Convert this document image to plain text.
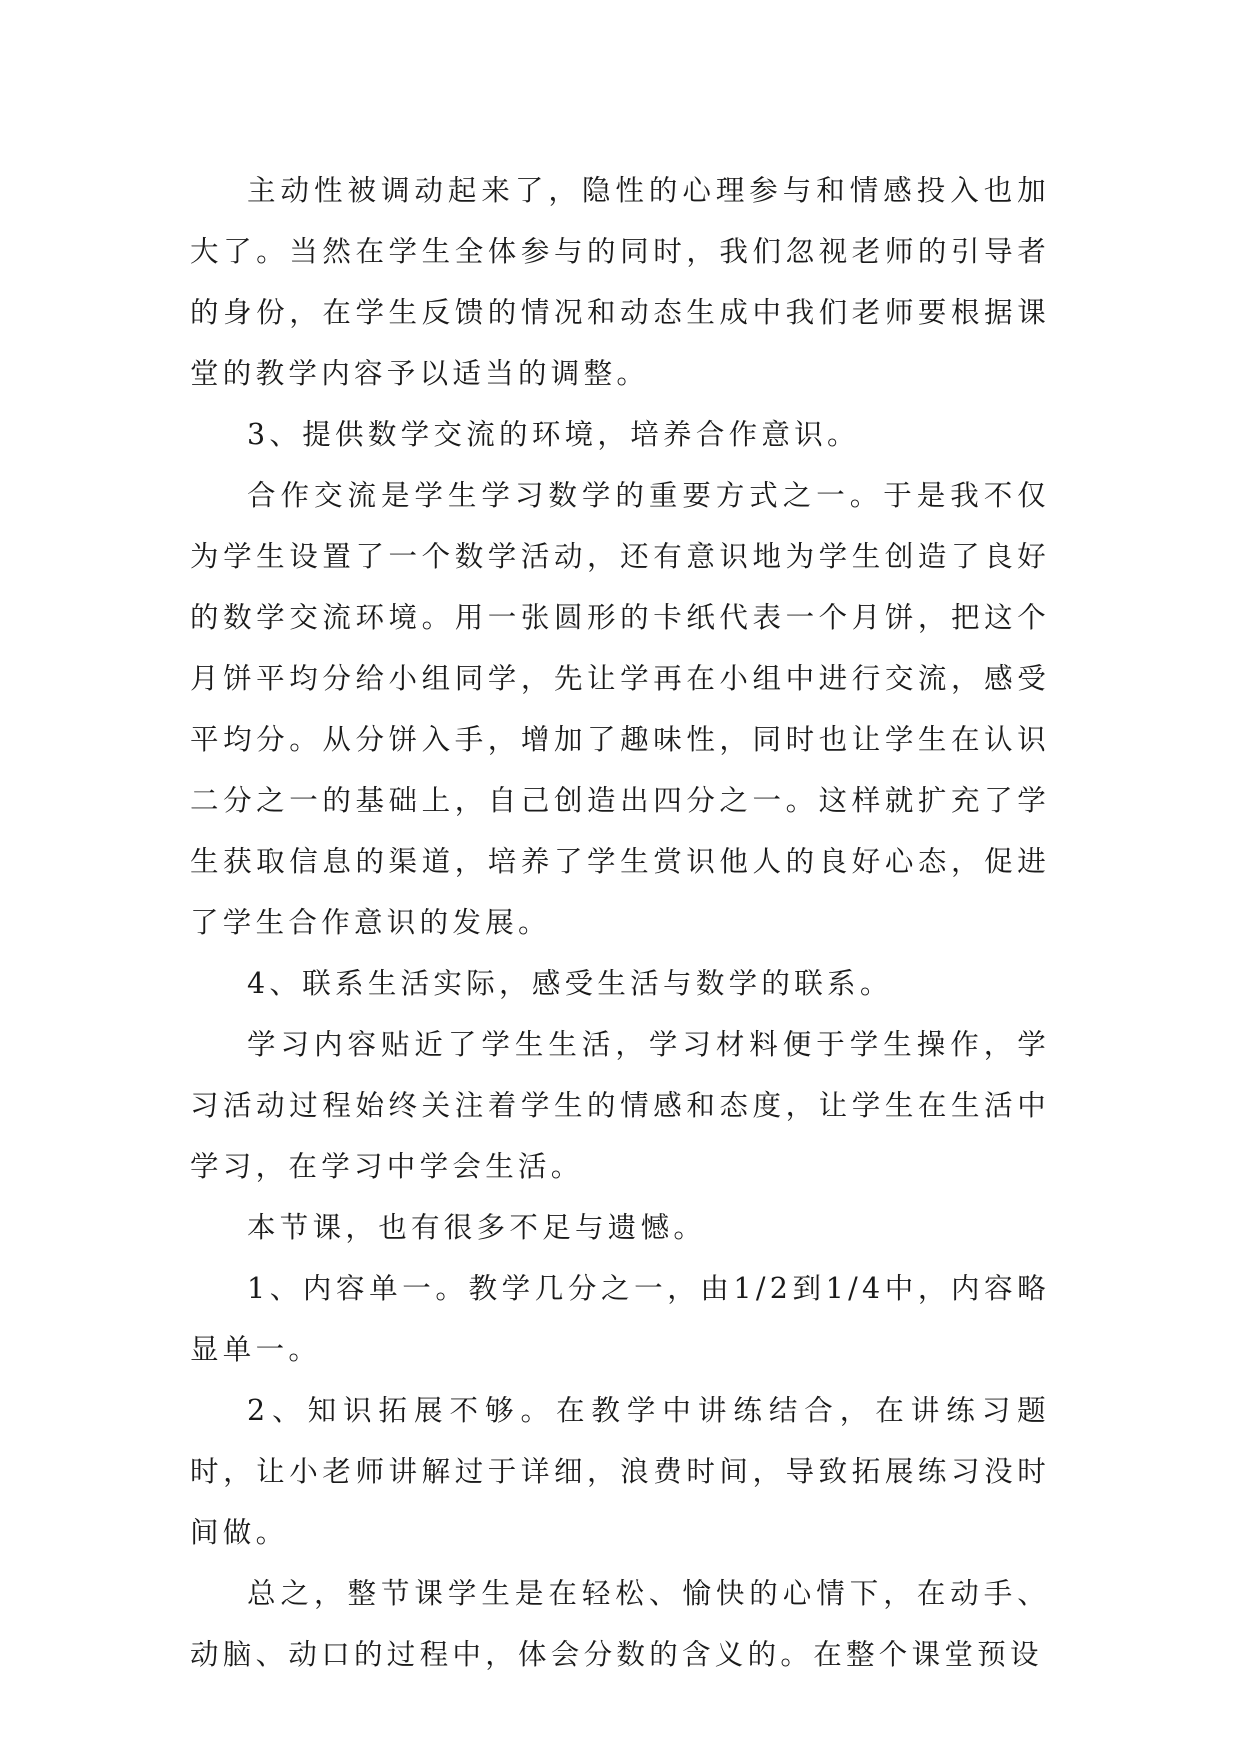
主动性被调动起来了，隐性的心理参与和情感投入也加大了。当然在学生全体参与的同时，我们忽视老师的引导者的身份，在学生反馈的情况和动态生成中我们老师要根据课堂的教学内容予以适当的调整。

3、提供数学交流的环境，培养合作意识。

合作交流是学生学习数学的重要方式之一。于是我不仅为学生设置了一个数学活动，还有意识地为学生创造了良好的数学交流环境。用一张圆形的卡纸代表一个月饼，把这个月饼平均分给小组同学，先让学再在小组中进行交流，感受平均分。从分饼入手，增加了趣味性，同时也让学生在认识二分之一的基础上，自己创造出四分之一。这样就扩充了学生获取信息的渠道，培养了学生赏识他人的良好心态，促进了学生合作意识的发展。

4、联系生活实际，感受生活与数学的联系。

学习内容贴近了学生生活，学习材料便于学生操作，学习活动过程始终关注着学生的情感和态度，让学生在生活中学习，在学习中学会生活。

本节课，也有很多不足与遗憾。

1、内容单一。教学几分之一，由1/2到1/4中，内容略显单一。

2、知识拓展不够。在教学中讲练结合，在讲练习题时，让小老师讲解过于详细，浪费时间，导致拓展练习没时间做。

总之，整节课学生是在轻松、愉快的心情下，在动手、动脑、动口的过程中，体会分数的含义的。在整个课堂预设
